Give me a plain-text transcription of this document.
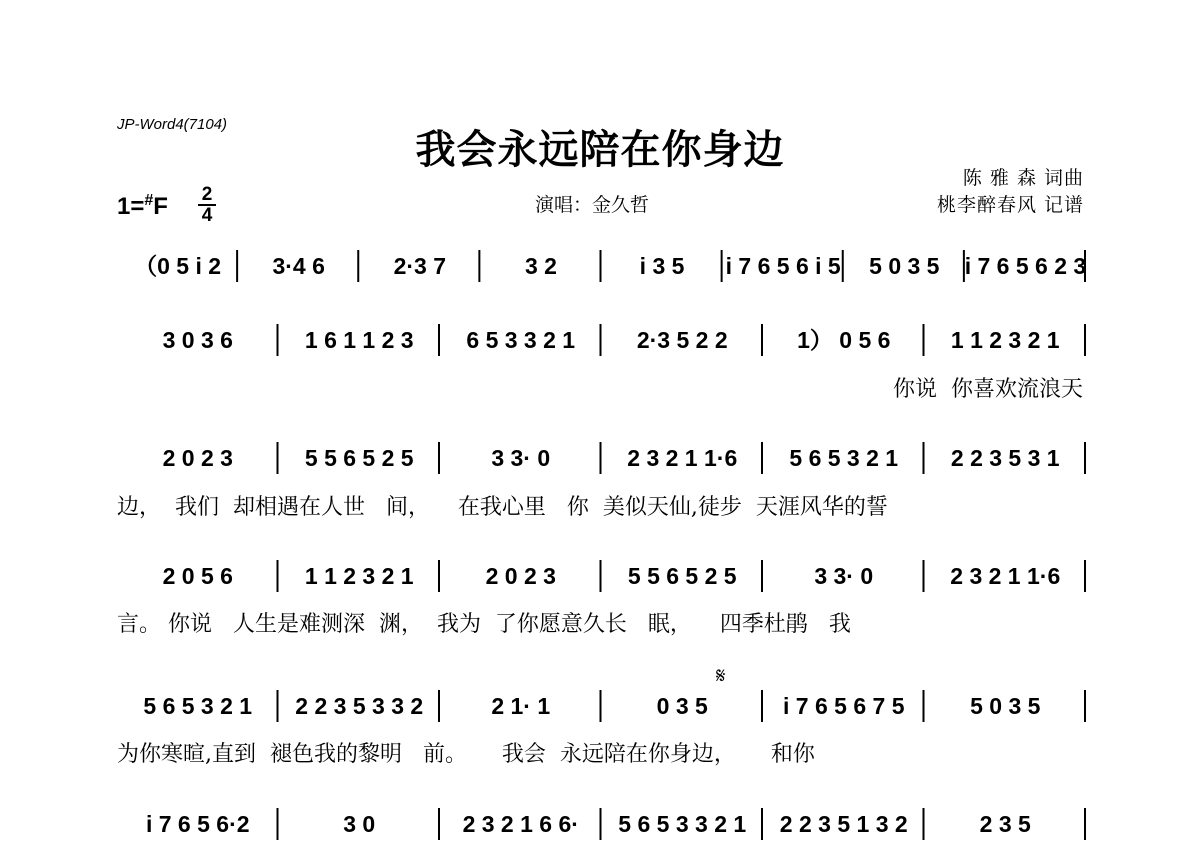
JP-Word4(7104)
我会永远陪在你身边
陈 雅 森 词曲
桃李醉春风 记谱
1=#F 2
4	演唱：金久哲
（0 5 i 2 3·4 6	2·3 7	3 2	i 3 5 i 7 6 5 6 i 5 5 0 3 5 i 7 6 5 6 2 3
3 0 3 6	1 6 1 1 2 3 6 5 3 3 2 1	2·3 5 2 2	1） 0 5 6	1 1 2 3 2 1
你说  你喜欢流浪天
2 0 2 3	5 5 6 5 2 5	3 3· 0	2 3 2 1 1·6 5 6 5 3 2 1 2 2 3 5 3 1
边，  我们  却相遇在人世   间，    在我心里   你  美似天仙,徒步  天涯风华的誓
2 0 5 6	1 1 2 3 2 1	2 0 2 3	5 5 6 5 2 5	3 3· 0	2 3 2 1 1·6
言。 你说   人生是难测深  渊，  我为  了你愿意久长   眠，    四季杜鹃   我
𝄋
5 6 5 3 2 1 2 2 3 5 3 3 2	2 1· 1	0 3 5	i 7 6 5 6 7 5	5 0 3 5
为你寒暄,直到  褪色我的黎明   前。     我会  永远陪在你身边，     和你
i 7 6 5 6·2	3 0	2 3 2 1 6 6· 5 6 5 3 3 2 1 2 2 3 5 1 3 2	2 3 5
